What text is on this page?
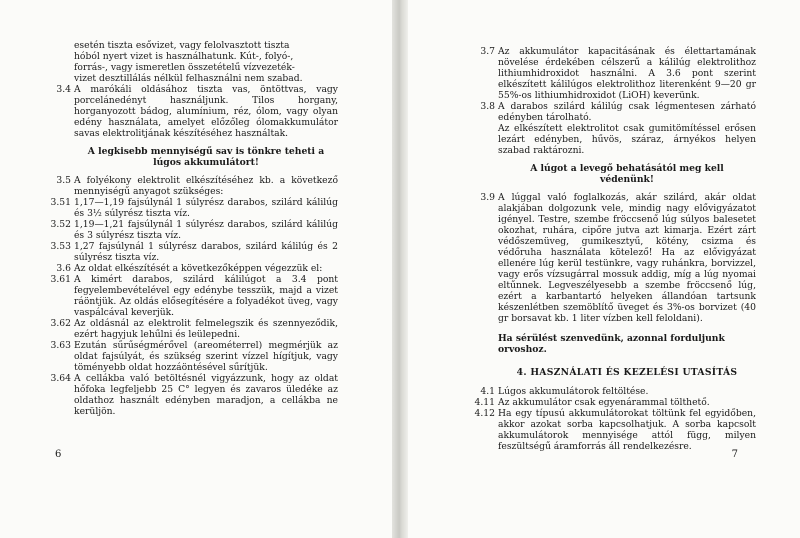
esetén tiszta esővizet, vagy felolvasztott tiszta

hóból nyert vizet is használhatunk. Kút-, folyó-,

forrás-, vagy ismeretlen összetételű vízvezeték-

vizet desztillálás nélkül felhasználni nem szabad.

3.4 A marókáli oldásához tiszta vas, öntöttvas, vagy porcelánedényt használjunk. Tilos horgany, horganyozott bádog, alumínium, réz, ólom, vagy olyan edény használata, amelyet előzőleg ólomakkumulátor savas elektrolitjának készítéséhez használtak.

A legkisebb mennyiségű sav is tönkre teheti a lúgos akkumulátort!

3.5 A folyékony elektrolit elkészítéséhez kb. a következő mennyiségű anyagot szükséges:
3.51 1,17—1,19 fajsúlynál 1 súlyrész darabos, szilárd kálilúg és 3½ súlyrész tiszta víz.
3.52 1,19—1,21 fajsúlynál 1 súlyrész darabos, szilárd kálilúg és 3 súlyrész tiszta víz.
3.53 1,27 fajsúlynál 1 súlyrész darabos, szilárd kálilúg és 2 súlyrész tiszta víz.
3.6 Az oldat elkészítését a következőképpen végezzük el:
3.61 A kimért darabos, szilárd kálilúgot a 3.4 pont fegyelembevételével egy edénybe tesszük, majd a vizet ráöntjük. Az oldás elősegítésére a folyadékot üveg, vagy vaspálcával keverjük.
3.62 Az oldásnál az elektrolit felmelegszik és szennyeződik, ezért hagyjuk lehűlni és leülepedni.
3.63 Ezután sűrűségmérővel (areométerrel) megmérjük az oldat fajsúlyát, és szükség szerint vízzel hígítjuk, vagy töményebb oldat hozzáöntésével sűrítjük.
3.64 A cellákba való betöltésnél vigyázzunk, hogy az oldat hőfoka legfeljebb 25 C° legyen és zavaros üledéke az oldathoz használt edényben maradjon, a cellákba ne kerüljön.
6
3.7 Az akkumulátor kapacitásának és élettartamának növelése érdekében célszerű a kálilúg elektrolithoz lithiumhidroxidot használni. A 3.6 pont szerint elkészített kálilúgos elektrolithoz literenként 9—20 gr 55%-os lithiumhidroxidot (LiOH) keverünk.
3.8 A darabos szilárd kálilúg csak légmentesen zárható edényben tárolható.

Az elkészített elektrolitot csak gumitömítéssel erősen lezárt edényben, hűvös, száraz, árnyékos helyen szabad raktározni.

A lúgot a levegő behatásától meg kell védenünk!

3.9 A lúggal való foglalkozás, akár szilárd, akár oldat alakjában dolgozunk vele, mindig nagy elővigyázatot igényel. Testre, szembe fröccsenő lúg súlyos balesetet okozhat, ruhára, cipőre jutva azt kimarja. Ezért zárt védőszemüveg, gumikesztyű, kötény, csizma és védőruha használata kötelező! Ha az elővigyázat ellenére lúg kerül testünkre, vagy ruhánkra, borvizzel, vagy erős vízsugárral mossuk addig, míg a lúg nyomai eltűnnek. Legveszélyesebb a szembe fröccsenő lúg, ezért a karbantartó helyeken állandóan tartsunk készenlétben szemöblítő üveget és 3%-os borvizet (40 gr borsavat kb. 1 liter vízben kell feloldani).

Ha sérülést szenvedünk, azonnal forduljunk orvoshoz.

4. HASZNÁLATI ÉS KEZELÉSI UTASÍTÁS

4.1 Lúgos akkumulátorok feltöltése.
4.11 Az akkumulátor csak egyenárammal tölthető.
4.12 Ha egy típusú akkumulátorokat töltünk fel egyidőben, akkor azokat sorba kapcsolhatjuk. A sorba kapcsolt akkumulátorok mennyisége attól függ, milyen feszültségű áramforrás áll rendelkezésre.
7
